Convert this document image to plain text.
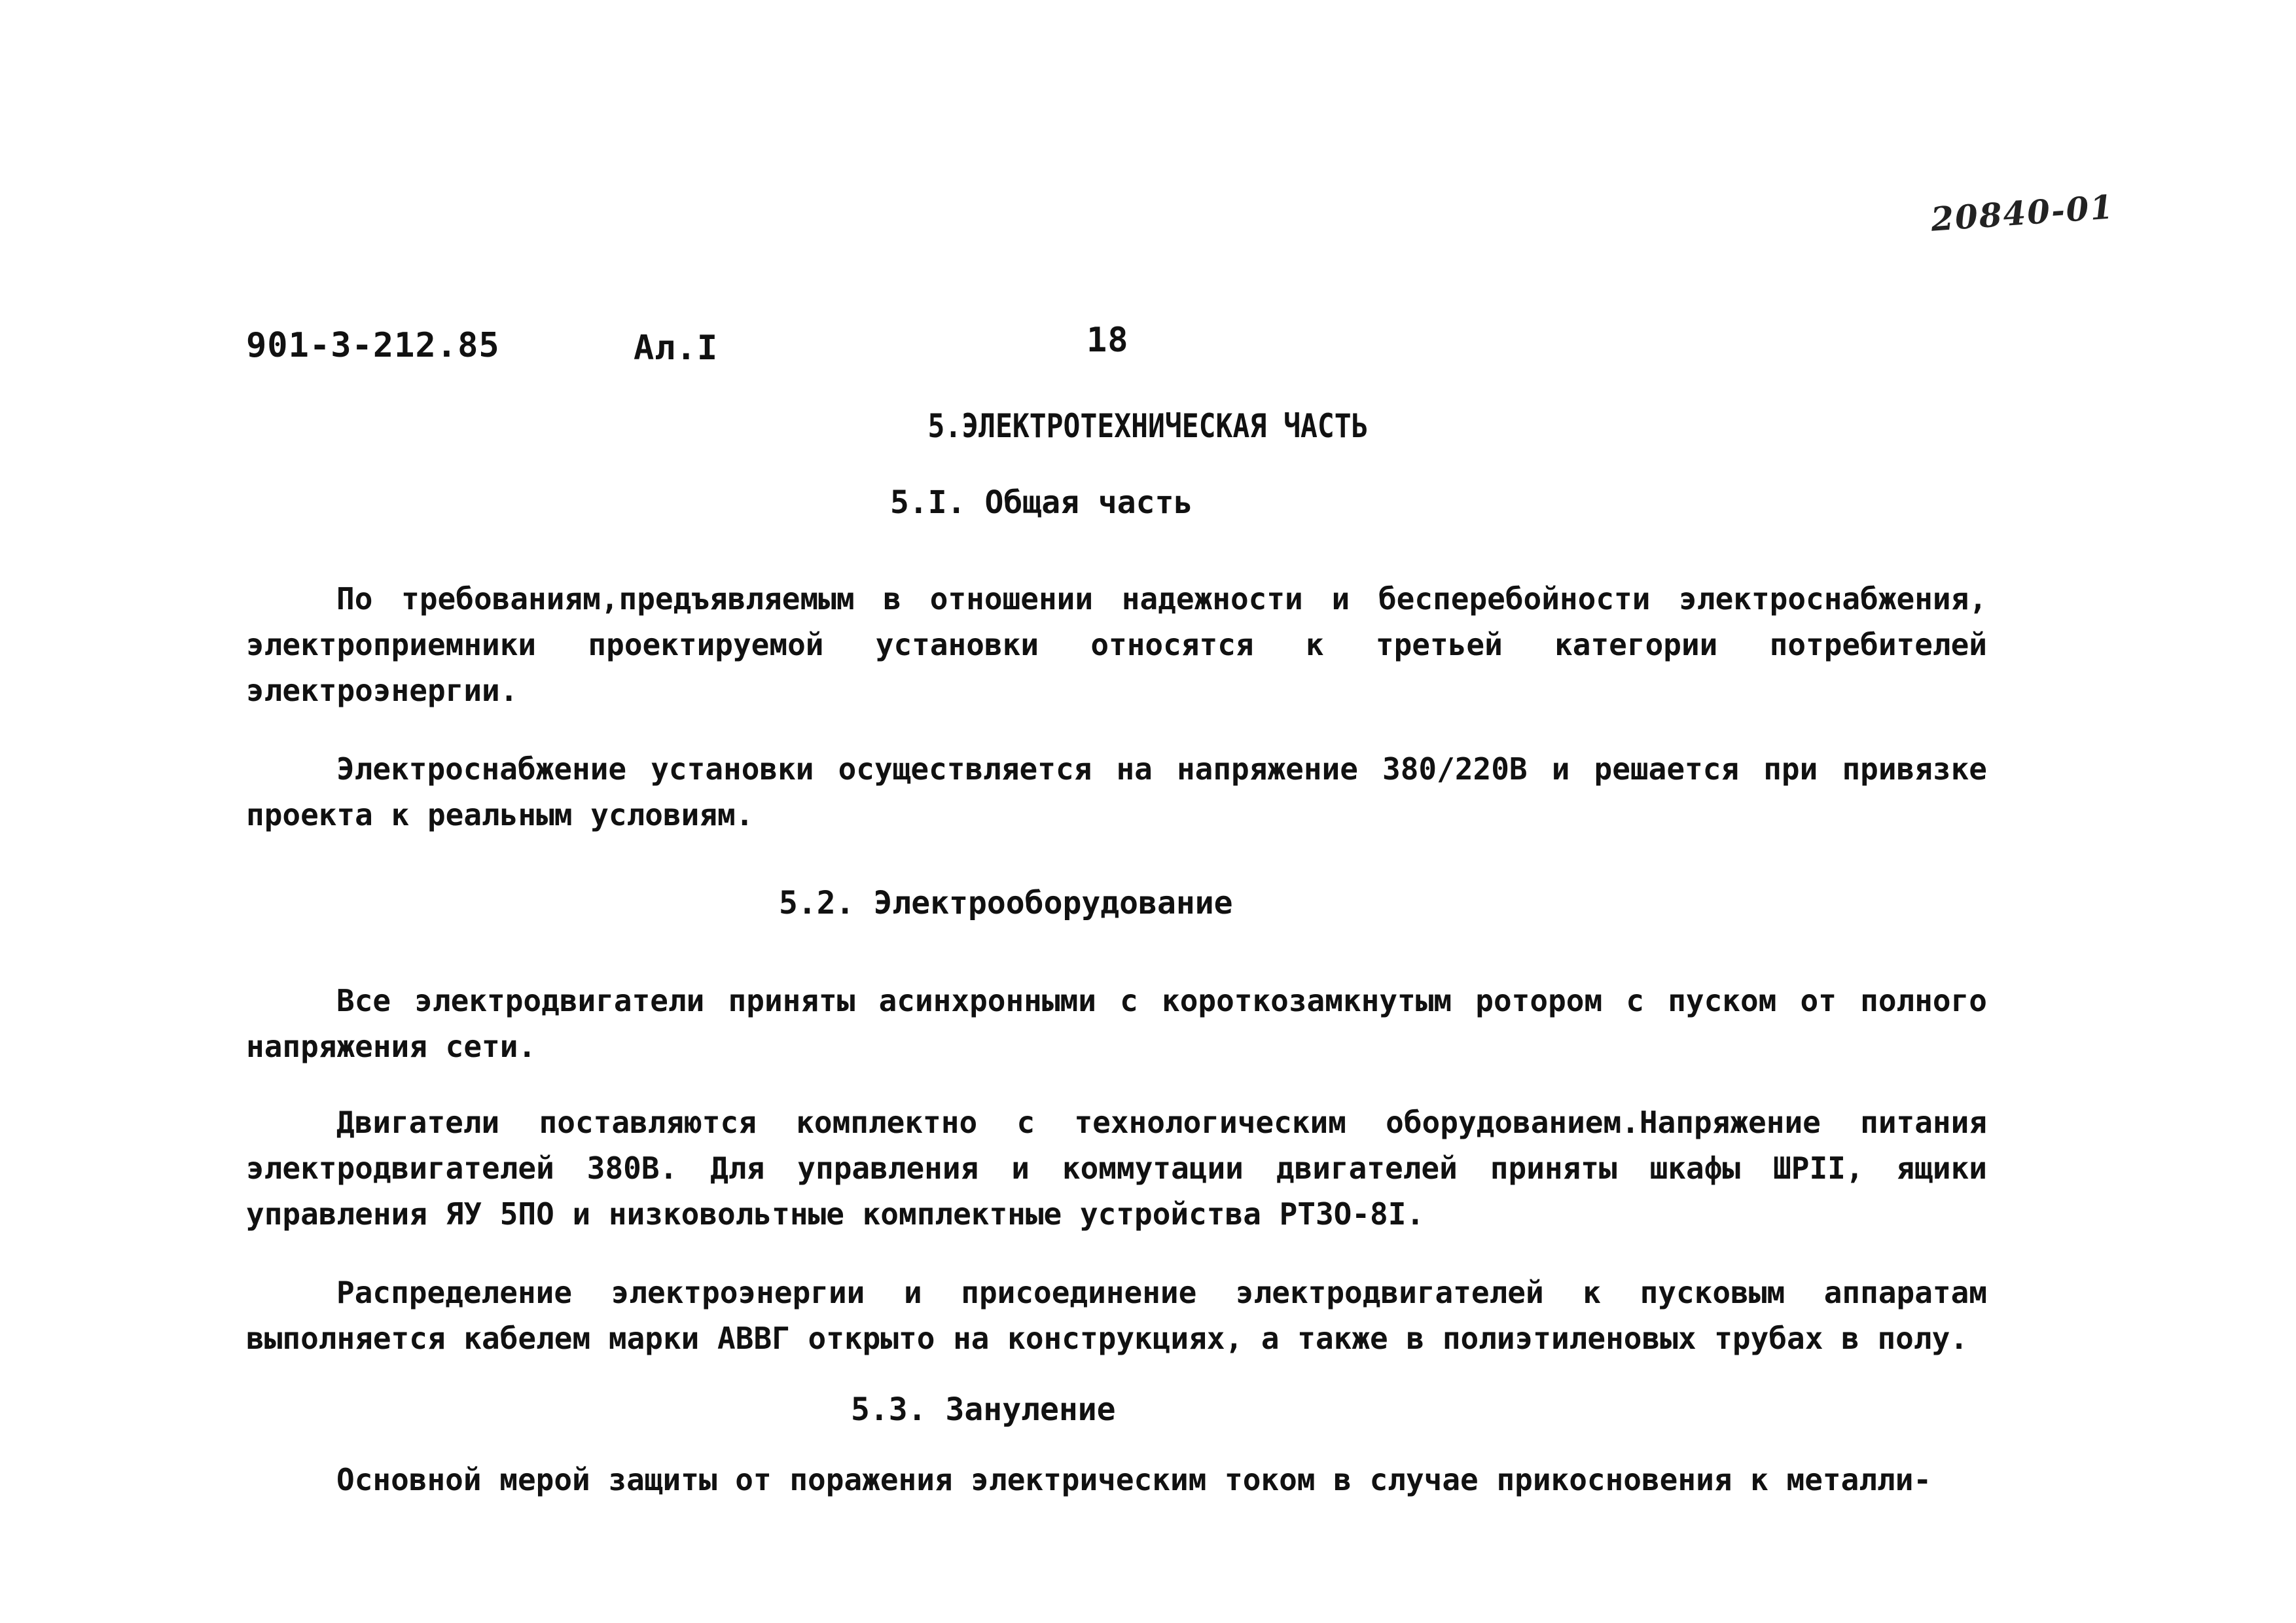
20840-01
901-3-212.85	Ал.I	18
5.ЭЛЕКТРОТЕХНИЧЕСКАЯ ЧАСТЬ
5.I. Общая часть

По требованиям,предъявляемым в отношении надежности и бесперебойности электроснабжения, электроприемники проектируемой установки относятся к третьей категории потребителей электроэнергии.

Электроснабжение установки осуществляется на напряжение 380/220В и решается при привязке проекта к реальным условиям.

5.2. Электрооборудование

Все электродвигатели приняты асинхронными с короткозамкнутым ротором с пуском от полного напряжения сети.

Двигатели поставляются комплектно с технологическим оборудованием.Напряжение питания электродвигателей 380В. Для управления и коммутации двигателей приняты шкафы ШРII, ящики управления ЯУ 5ПО и низковольтные комплектные устройства РТЗО-8I.

Распределение электроэнергии и присоединение электродвигателей к пусковым аппаратам выполняется кабелем марки АВВГ открыто на конструкциях, а также в полиэтиленовых трубах в полу.

5.3. Зануление

Основной мерой защиты от поражения электрическим током в случае прикосновения к металли-
